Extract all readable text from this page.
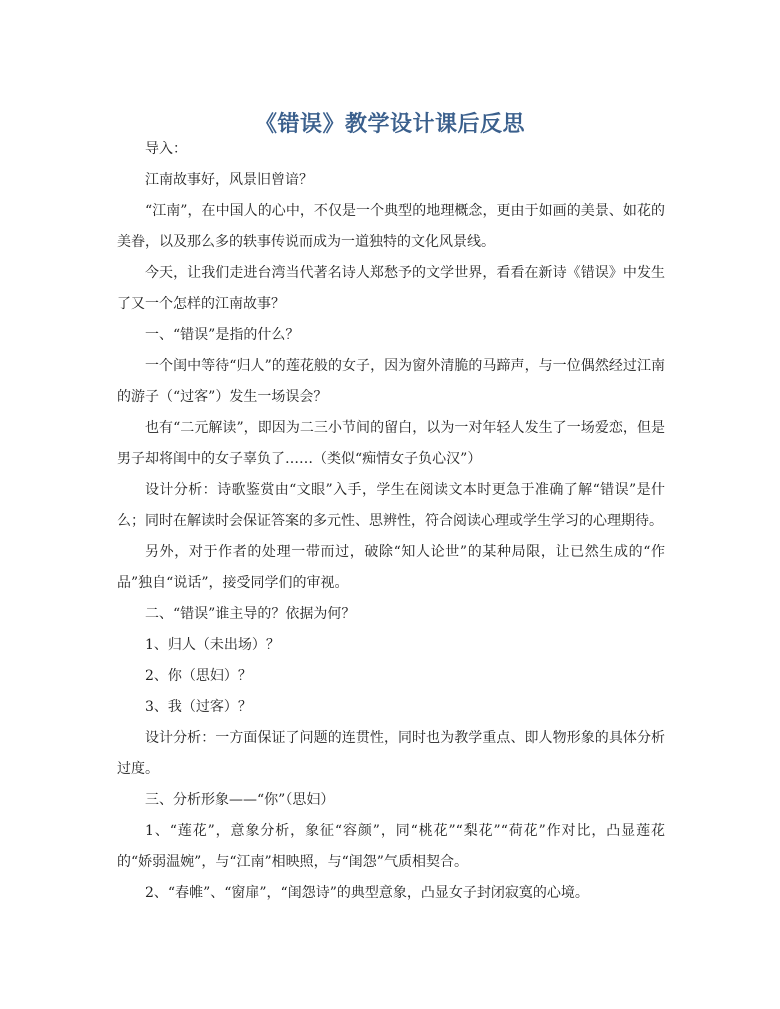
《错误》教学设计课后反思

导入：

江南故事好，风景旧曾谙？

“江南”，在中国人的心中，不仅是一个典型的地理概念，更由于如画的美景、如花的美眷，以及那么多的轶事传说而成为一道独特的文化风景线。

今天，让我们走进台湾当代著名诗人郑愁予的文学世界，看看在新诗《错误》中发生了又一个怎样的江南故事？

一、“错误”是指的什么？

一个闺中等待“归人”的莲花般的女子，因为窗外清脆的马蹄声，与一位偶然经过江南的游子（“过客”）发生一场误会？

也有“二元解读”，即因为二三小节间的留白，以为一对年轻人发生了一场爱恋，但是男子却将闺中的女子辜负了……（类似“痴情女子负心汉”）

设计分析：诗歌鉴赏由“文眼”入手，学生在阅读文本时更急于准确了解“错误”是什么；同时在解读时会保证答案的多元性、思辨性，符合阅读心理或学生学习的心理期待。

另外，对于作者的处理一带而过，破除“知人论世”的某种局限，让已然生成的“作品”独自“说话”，接受同学们的审视。

二、“错误”谁主导的？依据为何？

1、归人（未出场）？

2、你（思妇）？

3、我（过客）？

设计分析：一方面保证了问题的连贯性，同时也为教学重点、即人物形象的具体分析过度。

三、分析形象——“你”（思妇）

1、“莲花”，意象分析，象征“容颜”，同“桃花”“梨花”“荷花”作对比，凸显莲花的“娇弱温婉”，与“江南”相映照，与“闺怨”气质相契合。

2、“春帷”、“窗扉”，“闺怨诗”的典型意象，凸显女子封闭寂寞的心境。
